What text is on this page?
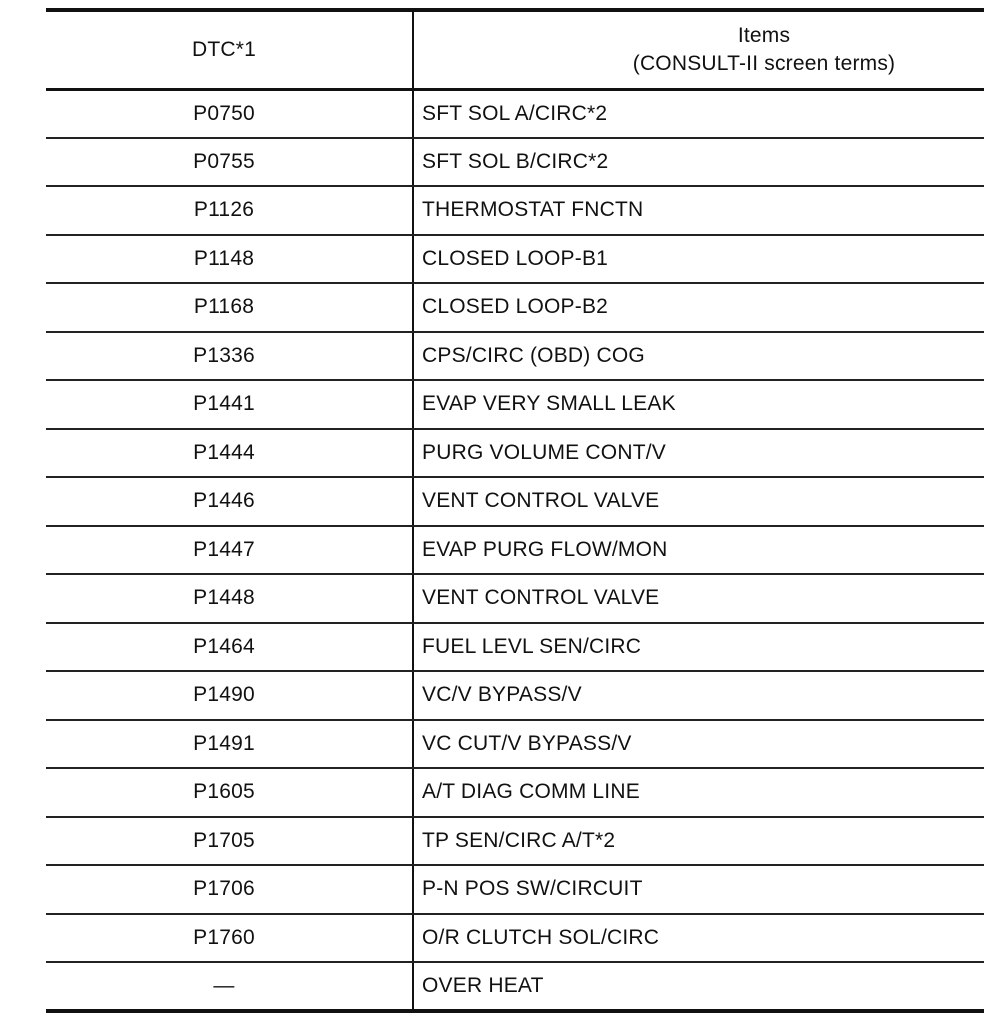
DTC*1	Items
(CONSULT-II screen terms)

P0750	SFT SOL A/CIRC*2
P0755	SFT SOL B/CIRC*2
P1126	THERMOSTAT FNCTN
P1148	CLOSED LOOP-B1
P1168	CLOSED LOOP-B2
P1336	CPS/CIRC (OBD) COG
P1441	EVAP VERY SMALL LEAK
P1444	PURG VOLUME CONT/V
P1446	VENT CONTROL VALVE
P1447	EVAP PURG FLOW/MON
P1448	VENT CONTROL VALVE
P1464	FUEL LEVL SEN/CIRC
P1490	VC/V BYPASS/V
P1491	VC CUT/V BYPASS/V
P1605	A/T DIAG COMM LINE
P1705	TP SEN/CIRC A/T*2
P1706	P-N POS SW/CIRCUIT
P1760	O/R CLUTCH SOL/CIRC
—	OVER HEAT
